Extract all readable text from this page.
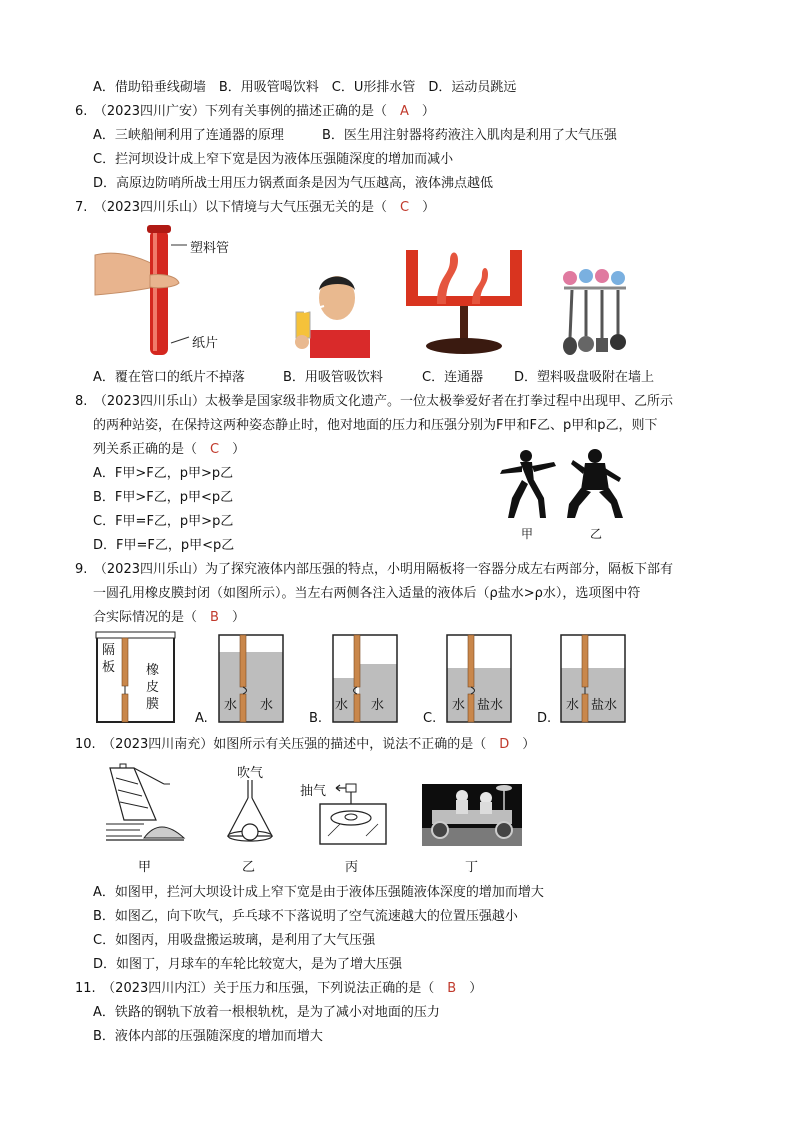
A．借助铅垂线砌墙　B．用吸管喝饮料　C．U形排水管　D．运动员跳远
6.　（2023四川广安）下列有关事例的描述正确的是（　A　）
A．三峡船闸利用了连通器的原理	B．医生用注射器将药液注入肌肉是利用了大气压强
C．拦河坝设计成上窄下宽是因为液体压强随深度的增加而减小
D．高原边防哨所战士用压力锅煮面条是因为气压越高，液体沸点越低
7.　（2023四川乐山）以下情境与大气压强无关的是（　C　）
塑料管
纸片
A．覆在管口的纸片不掉落	B．用吸管吸饮料	C．连通器 D．塑料吸盘吸附在墙上
8.　（2023四川乐山）太极拳是国家级非物质文化遗产。一位太极拳爱好者在打拳过程中出现甲、乙所示
的两种站姿，在保持这两种姿态静止时，他对地面的压力和压强分别为F甲和F乙、p甲和p乙，则下
列关系正确的是（　C　）
A．F甲>F乙，p甲>p乙
B．F甲>F乙，p甲<p乙
C．F甲=F乙，p甲>p乙
D．F甲=F乙，p甲<p乙
甲	乙
9.　（2023四川乐山）为了探究液体内部压强的特点，小明用隔板将一容器分成左右两部分，隔板下部有
一圆孔用橡皮膜封闭（如图所示）。当左右两侧各注入适量的液体后（ρ盐水>ρ水），选项图中符
合实际情况的是（　B　）
隔
板 橡
皮
膜
A.
水 水
B.
水 水
C.
水 盐水
D.
水 盐水
10.　（2023四川南充）如图所示有关压强的描述中，说法不正确的是（　D　）
甲
吹气
乙
抽气
丙	丁
A．如图甲，拦河大坝设计成上窄下宽是由于液体压强随液体深度的增加而增大
B．如图乙，向下吹气，乒乓球不下落说明了空气流速越大的位置压强越小
C．如图丙，用吸盘搬运玻璃，是利用了大气压强
D．如图丁，月球车的车轮比较宽大，是为了增大压强
11.　（2023四川内江）关于压力和压强，下列说法正确的是（　B　）
A．铁路的钢轨下放着一根根轨枕，是为了减小对地面的压力
B．液体内部的压强随深度的增加而增大
